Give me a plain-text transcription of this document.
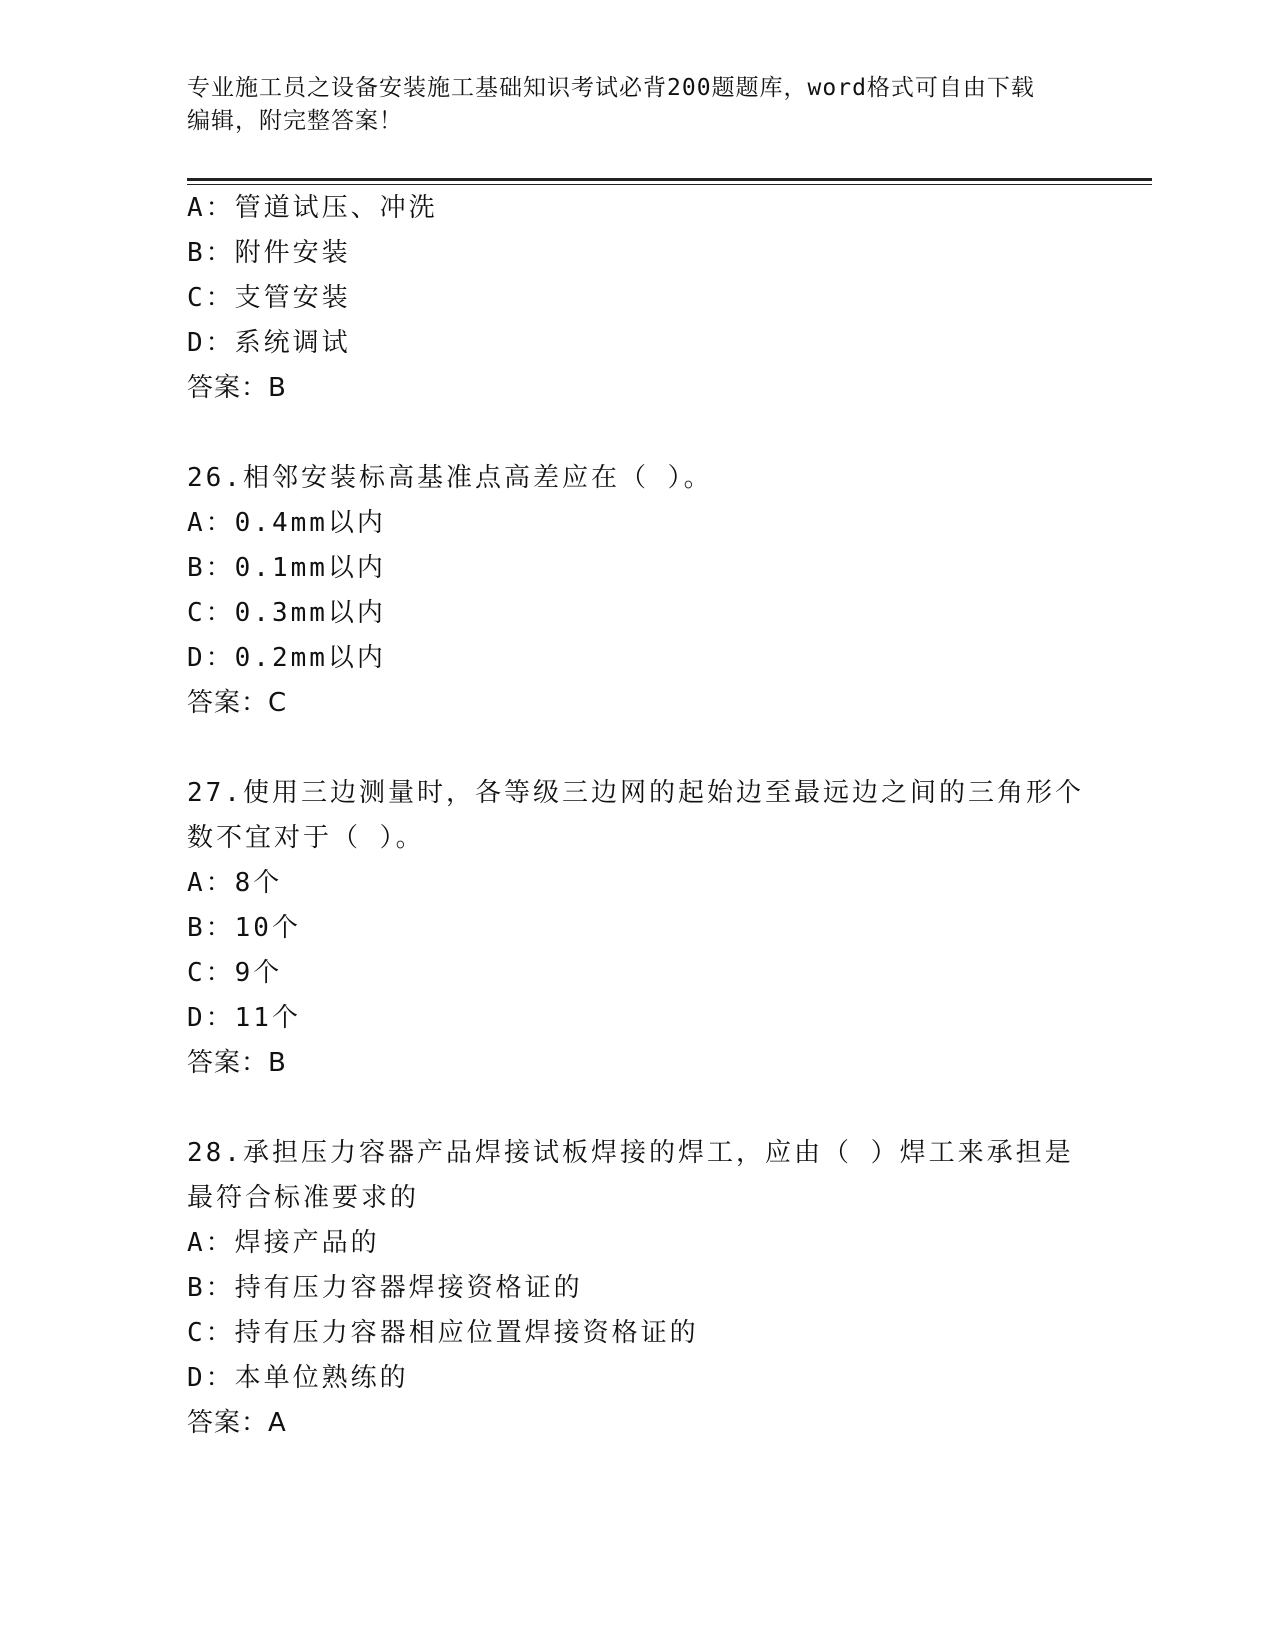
专业施工员之设备安装施工基础知识考试必背200题题库，word格式可自由下载
编辑，附完整答案！
A：管道试压、冲洗
B：附件安装
C：支管安装
D：系统调试
答案：B
26.相邻安装标高基准点高差应在（ ）。
A：0.4mm以内
B：0.1mm以内
C：0.3mm以内
D：0.2mm以内
答案：C
27.使用三边测量时，各等级三边网的起始边至最远边之间的三角形个
数不宜对于（ ）。
A：8个
B：10个
C：9个
D：11个
答案：B
28.承担压力容器产品焊接试板焊接的焊工，应由（ ）焊工来承担是
最符合标准要求的
A：焊接产品的
B：持有压力容器焊接资格证的
C：持有压力容器相应位置焊接资格证的
D：本单位熟练的
答案：A
